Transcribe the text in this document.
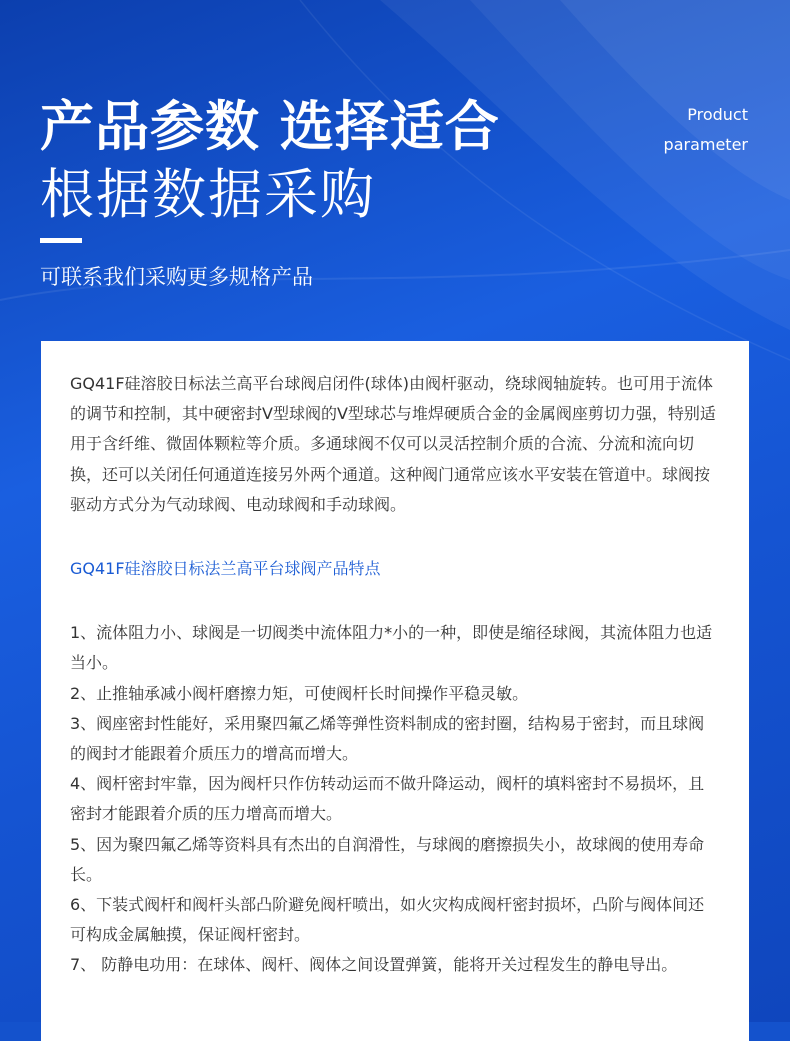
产品参数 选择适合
根据数据采购
Product
parameter
可联系我们采购更多规格产品

GQ41F硅溶胶日标法兰高平台球阀启闭件(球体)由阀杆驱动，绕球阀轴旋转。也可用于流体的调节和控制，其中硬密封V型球阀的V型球芯与堆焊硬质合金的金属阀座剪切力强，特别适用于含纤维、微固体颗粒等介质。多通球阀不仅可以灵活控制介质的合流、分流和流向切换，还可以关闭任何通道连接另外两个通道。这种阀门通常应该水平安装在管道中。球阀按驱动方式分为气动球阀、电动球阀和手动球阀。

GQ41F硅溶胶日标法兰高平台球阀产品特点

1、流体阻力小、球阀是一切阀类中流体阻力*小的一种，即使是缩径球阀，其流体阻力也适当小。
2、止推轴承减小阀杆磨擦力矩，可使阀杆长时间操作平稳灵敏。
3、阀座密封性能好，采用聚四氟乙烯等弹性资料制成的密封圈，结构易于密封，而且球阀的阀封才能跟着介质压力的增高而增大。
4、阀杆密封牢靠，因为阀杆只作仿转动运而不做升降运动，阀杆的填料密封不易损坏，且密封才能跟着介质的压力增高而增大。
5、因为聚四氟乙烯等资料具有杰出的自润滑性，与球阀的磨擦损失小，故球阀的使用寿命长。
6、下装式阀杆和阀杆头部凸阶避免阀杆喷出，如火灾构成阀杆密封损坏，凸阶与阀体间还可构成金属触摸，保证阀杆密封。
7、 防静电功用：在球体、阀杆、阀体之间设置弹簧，能将开关过程发生的静电导出。
